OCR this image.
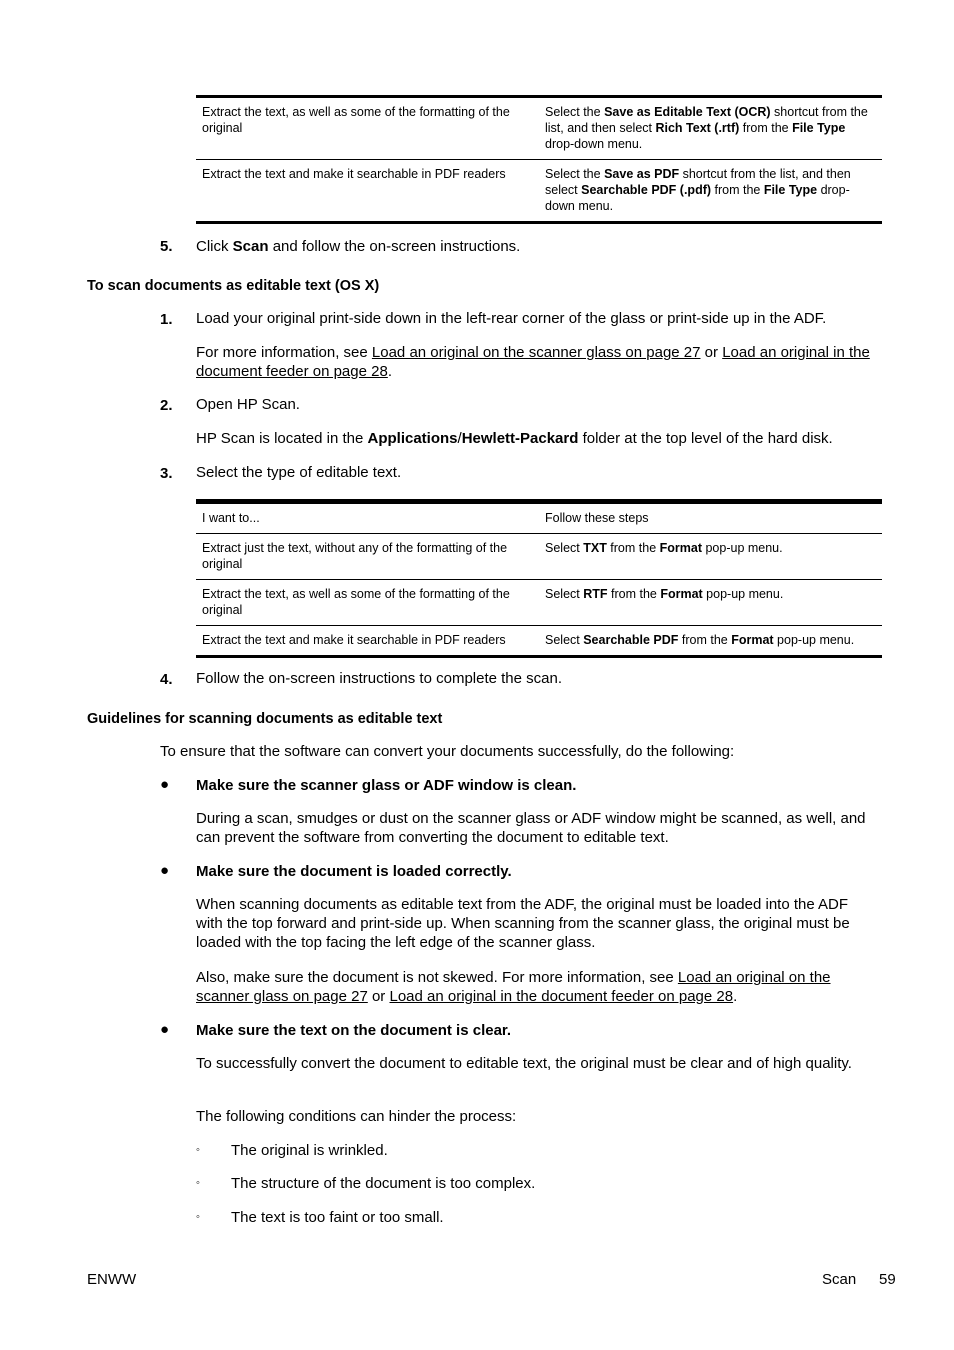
Extract the text, as well as some of the formatting of the original	Select the Save as Editable Text (OCR) shortcut from the list, and then select Rich Text (.rtf) from the File Type drop-down menu.
Extract the text and make it searchable in PDF readers	Select the Save as PDF shortcut from the list, and then select Searchable PDF (.pdf) from the File Type drop-down menu.
5. Click Scan and follow the on-screen instructions.
To scan documents as editable text (OS X)
1. Load your original print-side down in the left-rear corner of the glass or print-side up in the ADF.
For more information, see Load an original on the scanner glass on page 27 or Load an original in the document feeder on page 28.
2. Open HP Scan.
HP Scan is located in the Applications/Hewlett-Packard folder at the top level of the hard disk.
3. Select the type of editable text.
I want to...	Follow these steps
Extract just the text, without any of the formatting of the original	Select TXT from the Format pop-up menu.
Extract the text, as well as some of the formatting of the original	Select RTF from the Format pop-up menu.
Extract the text and make it searchable in PDF readers	Select Searchable PDF from the Format pop-up menu.
4. Follow the on-screen instructions to complete the scan.
Guidelines for scanning documents as editable text
To ensure that the software can convert your documents successfully, do the following:
● Make sure the scanner glass or ADF window is clean.
During a scan, smudges or dust on the scanner glass or ADF window might be scanned, as well, and can prevent the software from converting the document to editable text.
● Make sure the document is loaded correctly.
When scanning documents as editable text from the ADF, the original must be loaded into the ADF with the top forward and print-side up. When scanning from the scanner glass, the original must be loaded with the top facing the left edge of the scanner glass.
Also, make sure the document is not skewed. For more information, see Load an original on the scanner glass on page 27 or Load an original in the document feeder on page 28.
● Make sure the text on the document is clear.
To successfully convert the document to editable text, the original must be clear and of high quality.
The following conditions can hinder the process:
◦ The original is wrinkled.
◦ The structure of the document is too complex.
◦ The text is too faint or too small.
ENWW	Scan 59
